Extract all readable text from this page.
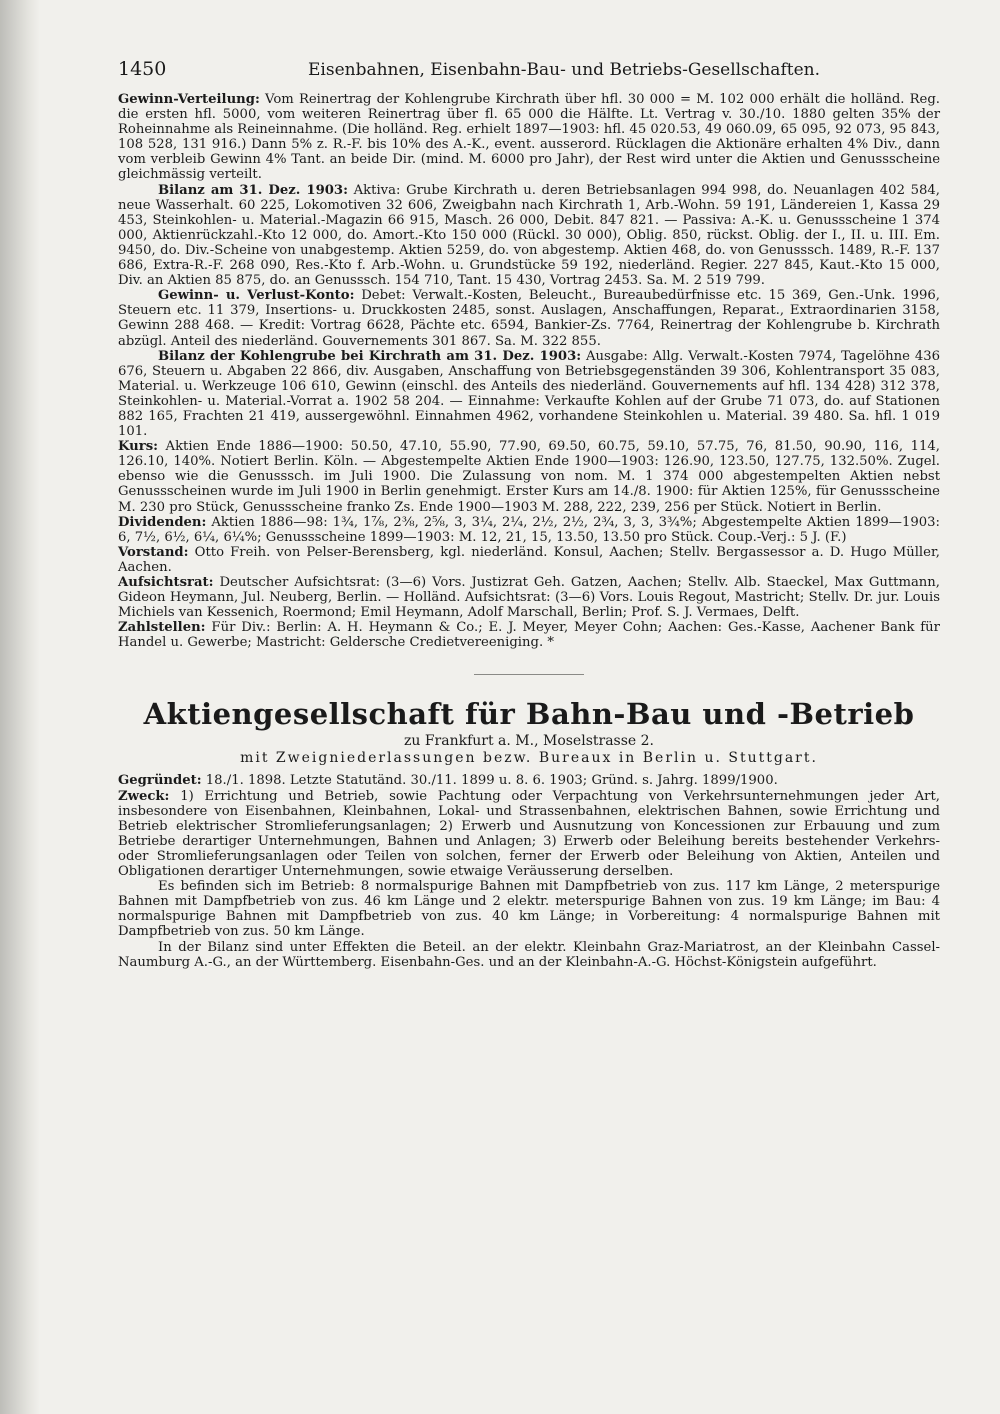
1450	Eisenbahnen, Eisenbahn-Bau- und Betriebs-Gesellschaften.

Gewinn-Verteilung: Vom Reinertrag der Kohlengrube Kirchrath über hfl. 30 000 = M. 102 000 erhält die holländ. Reg. die ersten hfl. 5000, vom weiteren Reinertrag über fl. 65 000 die Hälfte. Lt. Vertrag v. 30./10. 1880 gelten 35% der Roheinnahme als Reineinnahme. (Die holländ. Reg. erhielt 1897—1903: hfl. 45 020.53, 49 060.09, 65 095, 92 073, 95 843, 108 528, 131 916.) Dann 5% z. R.-F. bis 10% des A.-K., event. ausserord. Rücklagen die Aktionäre erhalten 4% Div., dann vom verbleib Gewinn 4% Tant. an beide Dir. (mind. M. 6000 pro Jahr), der Rest wird unter die Aktien und Genussscheine gleichmässig verteilt.

Bilanz am 31. Dez. 1903: Aktiva: Grube Kirchrath u. deren Betriebsanlagen 994 998, do. Neuanlagen 402 584, neue Wasserhalt. 60 225, Lokomotiven 32 606, Zweigbahn nach Kirchrath 1, Arb.-Wohn. 59 191, Ländereien 1, Kassa 29 453, Steinkohlen- u. Material.-Magazin 66 915, Masch. 26 000, Debit. 847 821. — Passiva: A.-K. u. Genussscheine 1 374 000, Aktienrückzahl.-Kto 12 000, do. Amort.-Kto 150 000 (Rückl. 30 000), Oblig. 850, rückst. Oblig. der I., II. u. III. Em. 9450, do. Div.-Scheine von unabgestemp. Aktien 5259, do. von abgestemp. Aktien 468, do. von Genusssch. 1489, R.-F. 137 686, Extra-R.-F. 268 090, Res.-Kto f. Arb.-Wohn. u. Grundstücke 59 192, niederländ. Regier. 227 845, Kaut.-Kto 15 000, Div. an Aktien 85 875, do. an Genusssch. 154 710, Tant. 15 430, Vortrag 2453. Sa. M. 2 519 799.

Gewinn- u. Verlust-Konto: Debet: Verwalt.-Kosten, Beleucht., Bureaubedürfnisse etc. 15 369, Gen.-Unk. 1996, Steuern etc. 11 379, Insertions- u. Druckkosten 2485, sonst. Auslagen, Anschaffungen, Reparat., Extraordinarien 3158, Gewinn 288 468. — Kredit: Vortrag 6628, Pächte etc. 6594, Bankier-Zs. 7764, Reinertrag der Kohlengrube b. Kirchrath abzügl. Anteil des niederländ. Gouvernements 301 867. Sa. M. 322 855.

Bilanz der Kohlengrube bei Kirchrath am 31. Dez. 1903: Ausgabe: Allg. Verwalt.-Kosten 7974, Tagelöhne 436 676, Steuern u. Abgaben 22 866, div. Ausgaben, Anschaffung von Betriebsgegenständen 39 306, Kohlentransport 35 083, Material. u. Werkzeuge 106 610, Gewinn (einschl. des Anteils des niederländ. Gouvernements auf hfl. 134 428) 312 378, Steinkohlen- u. Material.-Vorrat a. 1902 58 204. — Einnahme: Verkaufte Kohlen auf der Grube 71 073, do. auf Stationen 882 165, Frachten 21 419, aussergewöhnl. Einnahmen 4962, vorhandene Steinkohlen u. Material. 39 480. Sa. hfl. 1 019 101.

Kurs: Aktien Ende 1886—1900: 50.50, 47.10, 55.90, 77.90, 69.50, 60.75, 59.10, 57.75, 76, 81.50, 90.90, 116, 114, 126.10, 140%. Notiert Berlin. Köln. — Abgestempelte Aktien Ende 1900—1903: 126.90, 123.50, 127.75, 132.50%. Zugel. ebenso wie die Genusssch. im Juli 1900. Die Zulassung von nom. M. 1 374 000 abgestempelten Aktien nebst Genussscheinen wurde im Juli 1900 in Berlin genehmigt. Erster Kurs am 14./8. 1900: für Aktien 125%, für Genussscheine M. 230 pro Stück, Genussscheine franko Zs. Ende 1900—1903 M. 288, 222, 239, 256 per Stück. Notiert in Berlin.

Dividenden: Aktien 1886—98: 1¾, 1⅞, 2⅜, 2⅝, 3, 3¼, 2¼, 2½, 2½, 2¾, 3, 3, 3¾%; Abgestempelte Aktien 1899—1903: 6, 7½, 6½, 6¼, 6¼%; Genussscheine 1899—1903: M. 12, 21, 15, 13.50, 13.50 pro Stück. Coup.-Verj.: 5 J. (F.)

Vorstand: Otto Freih. von Pelser-Berensberg, kgl. niederländ. Konsul, Aachen; Stellv. Bergassessor a. D. Hugo Müller, Aachen.

Aufsichtsrat: Deutscher Aufsichtsrat: (3—6) Vors. Justizrat Geh. Gatzen, Aachen; Stellv. Alb. Staeckel, Max Guttmann, Gideon Heymann, Jul. Neuberg, Berlin. — Holländ. Aufsichtsrat: (3—6) Vors. Louis Regout, Mastricht; Stellv. Dr. jur. Louis Michiels van Kessenich, Roermond; Emil Heymann, Adolf Marschall, Berlin; Prof. S. J. Vermaes, Delft.

Zahlstellen: Für Div.: Berlin: A. H. Heymann & Co.; E. J. Meyer, Meyer Cohn; Aachen: Ges.-Kasse, Aachener Bank für Handel u. Gewerbe; Mastricht: Geldersche Credietvereeniging. *

Aktiengesellschaft für Bahn-Bau und -Betrieb
zu Frankfurt a. M., Moselstrasse 2.
mit Zweigniederlassungen bezw. Bureaux in Berlin u. Stuttgart.

Gegründet: 18./1. 1898. Letzte Statutänd. 30./11. 1899 u. 8. 6. 1903; Gründ. s. Jahrg. 1899/1900.

Zweck: 1) Errichtung und Betrieb, sowie Pachtung oder Verpachtung von Verkehrsunternehmungen jeder Art, insbesondere von Eisenbahnen, Kleinbahnen, Lokal- und Strassenbahnen, elektrischen Bahnen, sowie Errichtung und Betrieb elektrischer Stromlieferungsanlagen; 2) Erwerb und Ausnutzung von Koncessionen zur Erbauung und zum Betriebe derartiger Unternehmungen, Bahnen und Anlagen; 3) Erwerb oder Beleihung bereits bestehender Verkehrs- oder Stromlieferungsanlagen oder Teilen von solchen, ferner der Erwerb oder Beleihung von Aktien, Anteilen und Obligationen derartiger Unternehmungen, sowie etwaige Veräusserung derselben.

Es befinden sich im Betrieb: 8 normalspurige Bahnen mit Dampfbetrieb von zus. 117 km Länge, 2 meterspurige Bahnen mit Dampfbetrieb von zus. 46 km Länge und 2 elektr. meterspurige Bahnen von zus. 19 km Länge; im Bau: 4 normalspurige Bahnen mit Dampfbetrieb von zus. 40 km Länge; in Vorbereitung: 4 normalspurige Bahnen mit Dampfbetrieb von zus. 50 km Länge.

In der Bilanz sind unter Effekten die Beteil. an der elektr. Kleinbahn Graz-Mariatrost, an der Kleinbahn Cassel-Naumburg A.-G., an der Württemberg. Eisenbahn-Ges. und an der Kleinbahn-A.-G. Höchst-Königstein aufgeführt.
